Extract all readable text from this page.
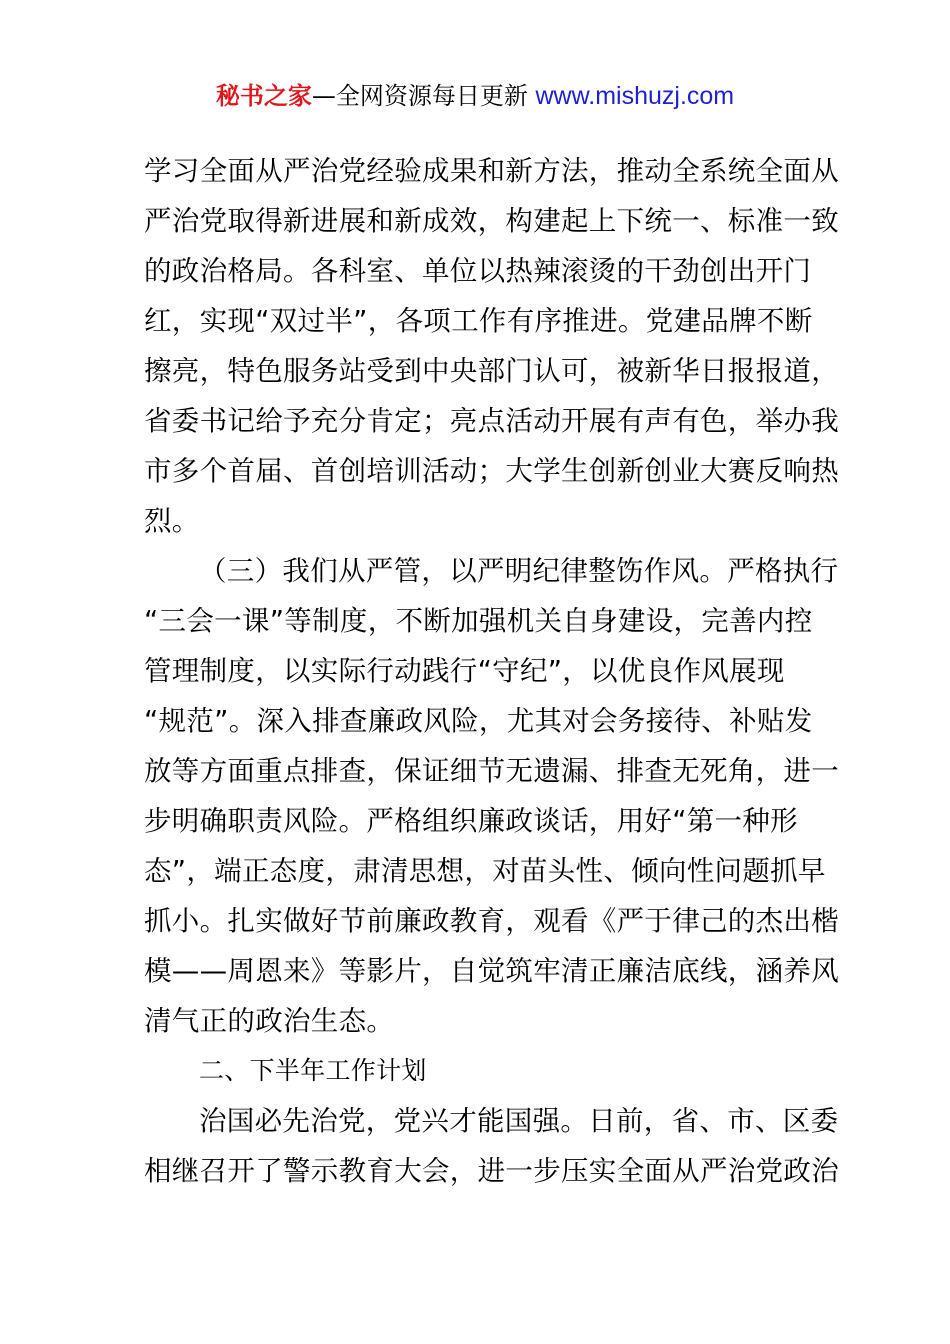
秘书之家—全网资源每日更新 www.mishuzj.com
学习全面从严治党经验成果和新方法，推动全系统全面从
严治党取得新进展和新成效，构建起上下统一、标准一致
的政治格局。各科室、单位以热辣滚烫的干劲创出开门
红，实现“双过半”，各项工作有序推进。党建品牌不断
擦亮，特色服务站受到中央部门认可，被新华日报报道，
省委书记给予充分肯定；亮点活动开展有声有色，举办我
市多个首届、首创培训活动；大学生创新创业大赛反响热
烈。
（三）我们从严管，以严明纪律整饬作风。严格执行
“三会一课”等制度，不断加强机关自身建设，完善内控
管理制度，以实际行动践行“守纪”，以优良作风展现
“规范”。深入排查廉政风险，尤其对会务接待、补贴发
放等方面重点排查，保证细节无遗漏、排查无死角，进一
步明确职责风险。严格组织廉政谈话，用好“第一种形
态”，端正态度，肃清思想，对苗头性、倾向性问题抓早
抓小。扎实做好节前廉政教育，观看《严于律己的杰出楷
模——周恩来》等影片，自觉筑牢清正廉洁底线，涵养风
清气正的政治生态。
二、下半年工作计划
治国必先治党，党兴才能国强。日前，省、市、区委
相继召开了警示教育大会，进一步压实全面从严治党政治
